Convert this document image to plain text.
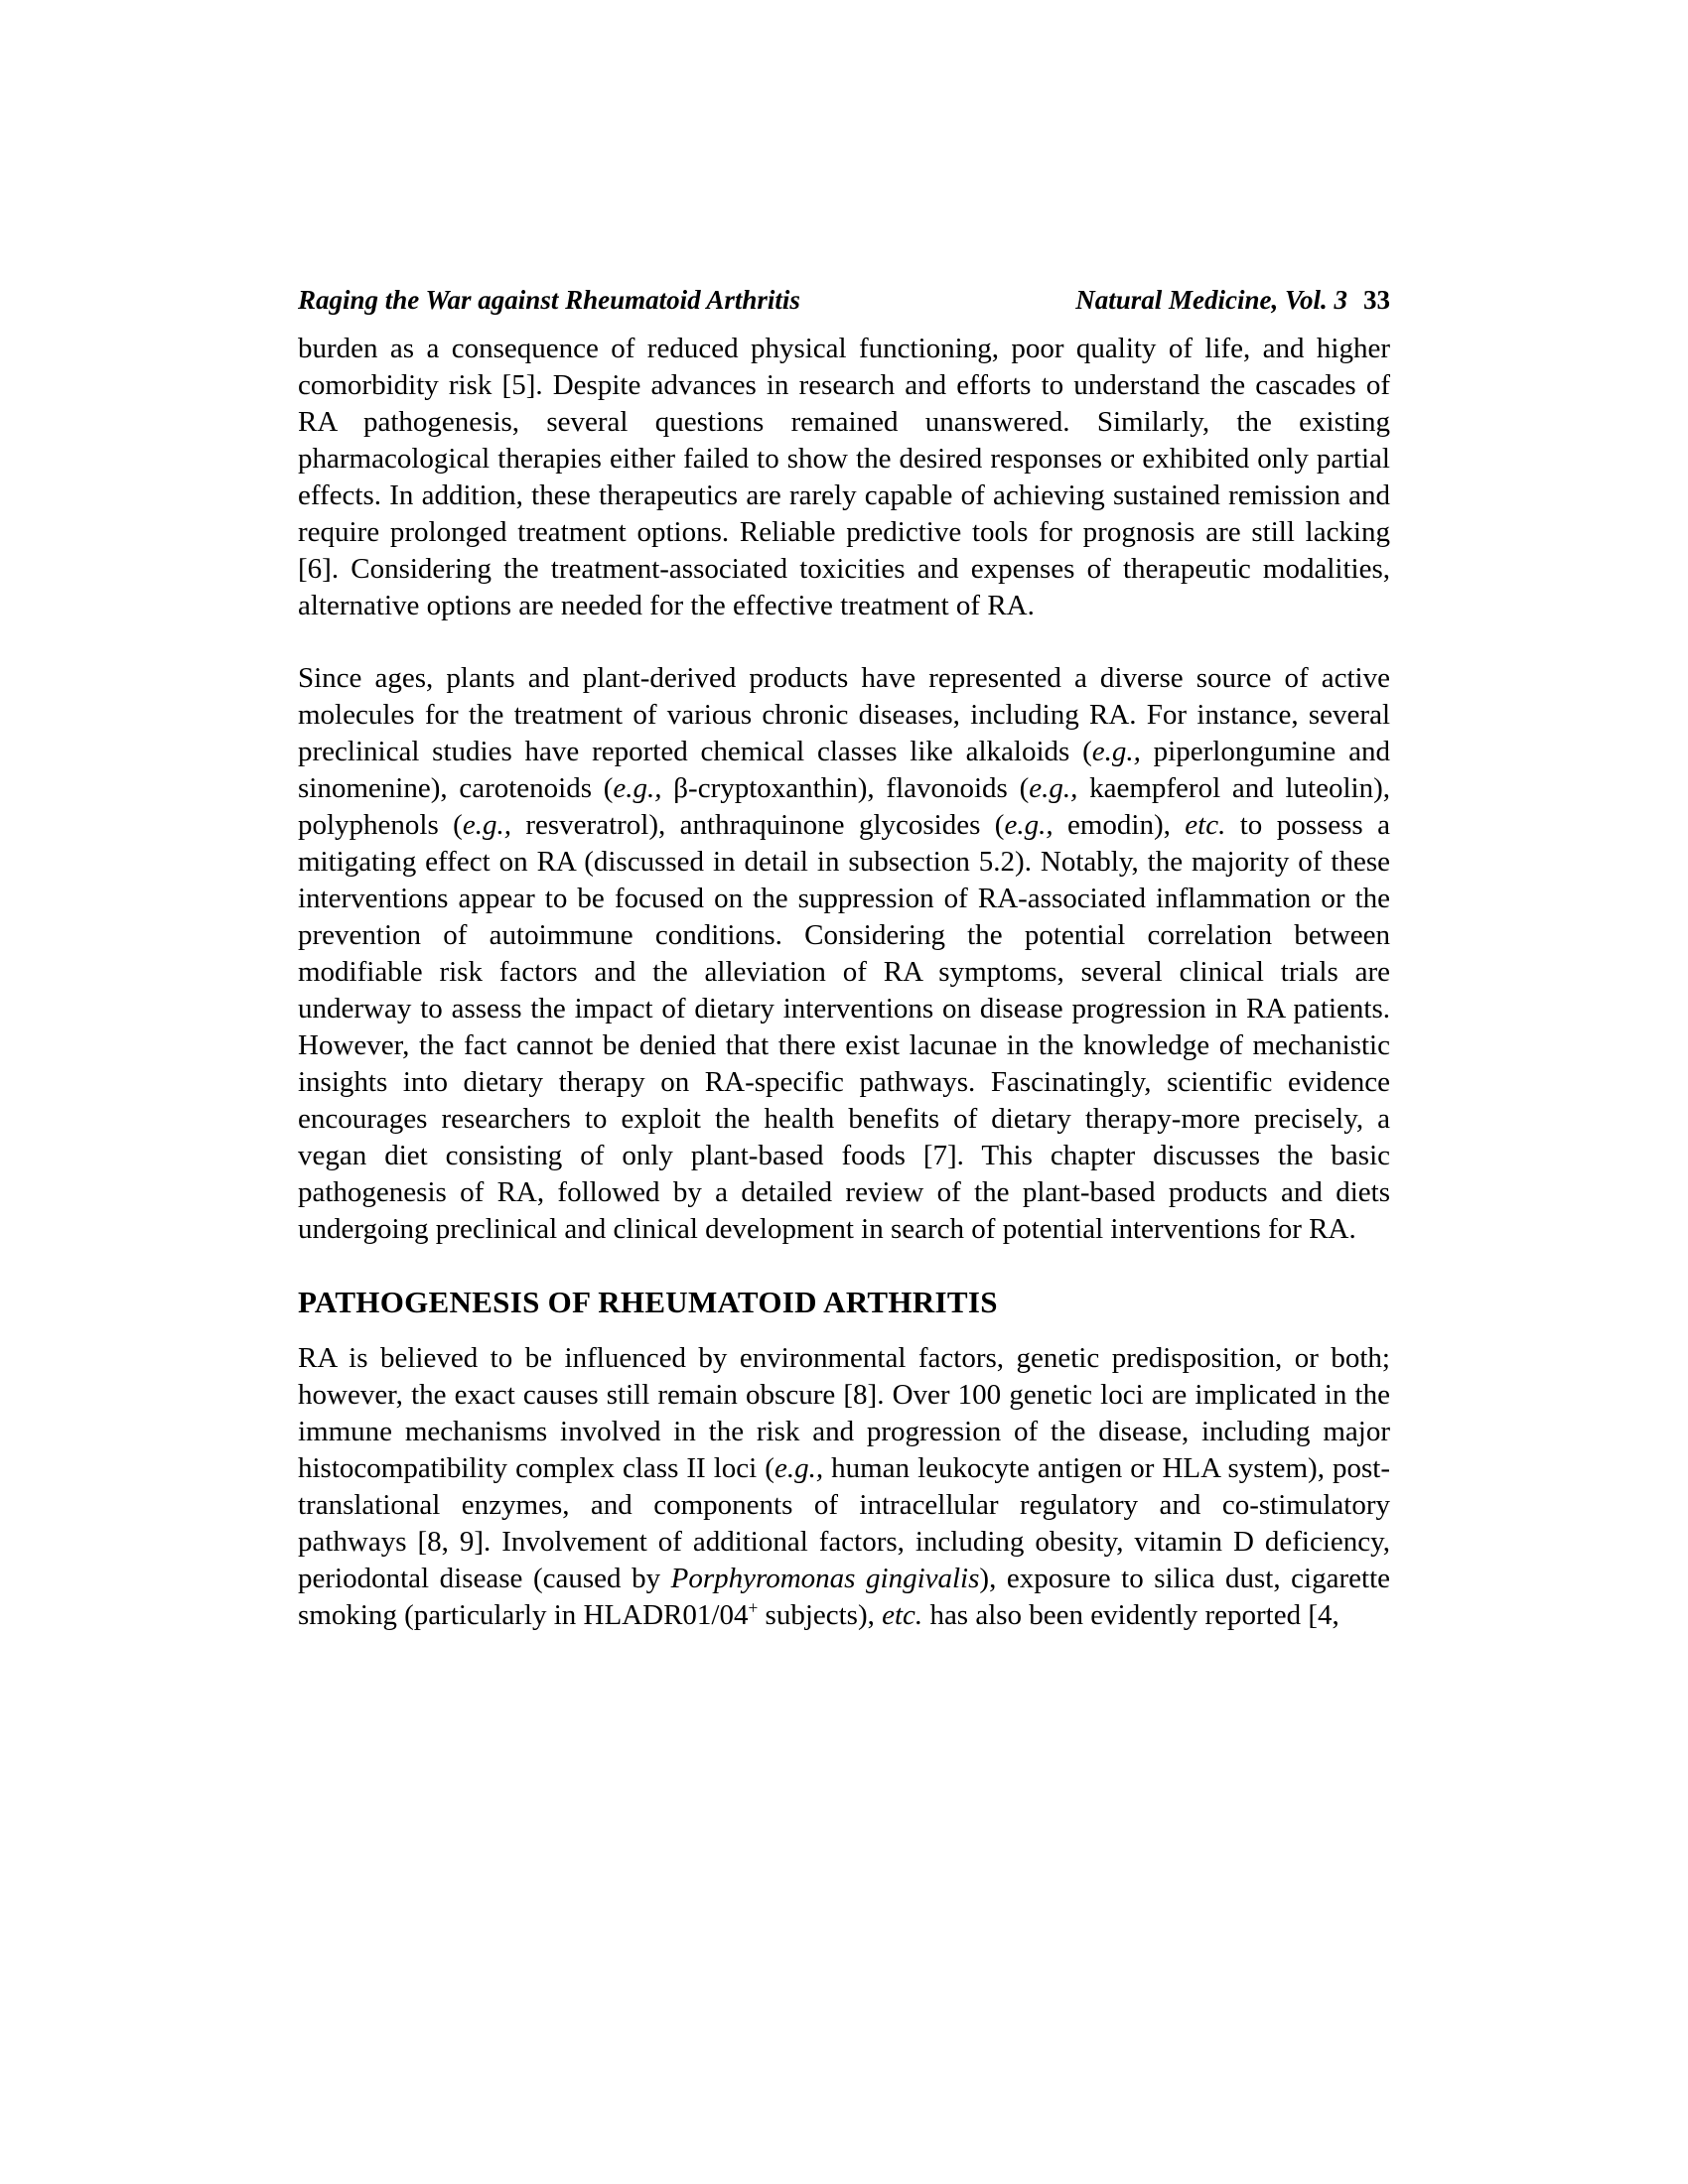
Raging the War against Rheumatoid Arthritis	Natural Medicine, Vol. 3 33

burden as a consequence of reduced physical functioning, poor quality of life, and higher comorbidity risk [5]. Despite advances in research and efforts to understand the cascades of RA pathogenesis, several questions remained unanswered. Similarly, the existing pharmacological therapies either failed to show the desired responses or exhibited only partial effects. In addition, these therapeutics are rarely capable of achieving sustained remission and require prolonged treatment options. Reliable predictive tools for prognosis are still lacking [6]. Considering the treatment-associated toxicities and expenses of therapeutic modalities, alternative options are needed for the effective treatment of RA.

Since ages, plants and plant-derived products have represented a diverse source of active molecules for the treatment of various chronic diseases, including RA. For instance, several preclinical studies have reported chemical classes like alkaloids (e.g., piperlongumine and sinomenine), carotenoids (e.g., β-cryptoxanthin), flavonoids (e.g., kaempferol and luteolin), polyphenols (e.g., resveratrol), anthraquinone glycosides (e.g., emodin), etc. to possess a mitigating effect on RA (discussed in detail in subsection 5.2). Notably, the majority of these interventions appear to be focused on the suppression of RA-associated inflammation or the prevention of autoimmune conditions. Considering the potential correlation between modifiable risk factors and the alleviation of RA symptoms, several clinical trials are underway to assess the impact of dietary interventions on disease progression in RA patients. However, the fact cannot be denied that there exist lacunae in the knowledge of mechanistic insights into dietary therapy on RA-specific pathways. Fascinatingly, scientific evidence encourages researchers to exploit the health benefits of dietary therapy-more precisely, a vegan diet consisting of only plant-based foods [7]. This chapter discusses the basic pathogenesis of RA, followed by a detailed review of the plant-based products and diets undergoing preclinical and clinical development in search of potential interventions for RA.

PATHOGENESIS OF RHEUMATOID ARTHRITIS

RA is believed to be influenced by environmental factors, genetic predisposition, or both; however, the exact causes still remain obscure [8]. Over 100 genetic loci are implicated in the immune mechanisms involved in the risk and progression of the disease, including major histocompatibility complex class II loci (e.g., human leukocyte antigen or HLA system), post-translational enzymes, and components of intracellular regulatory and co-stimulatory pathways [8, 9]. Involvement of additional factors, including obesity, vitamin D deficiency, periodontal disease (caused by Porphyromonas gingivalis), exposure to silica dust, cigarette smoking (particularly in HLADR01/04+ subjects), etc. has also been evidently reported [4,
